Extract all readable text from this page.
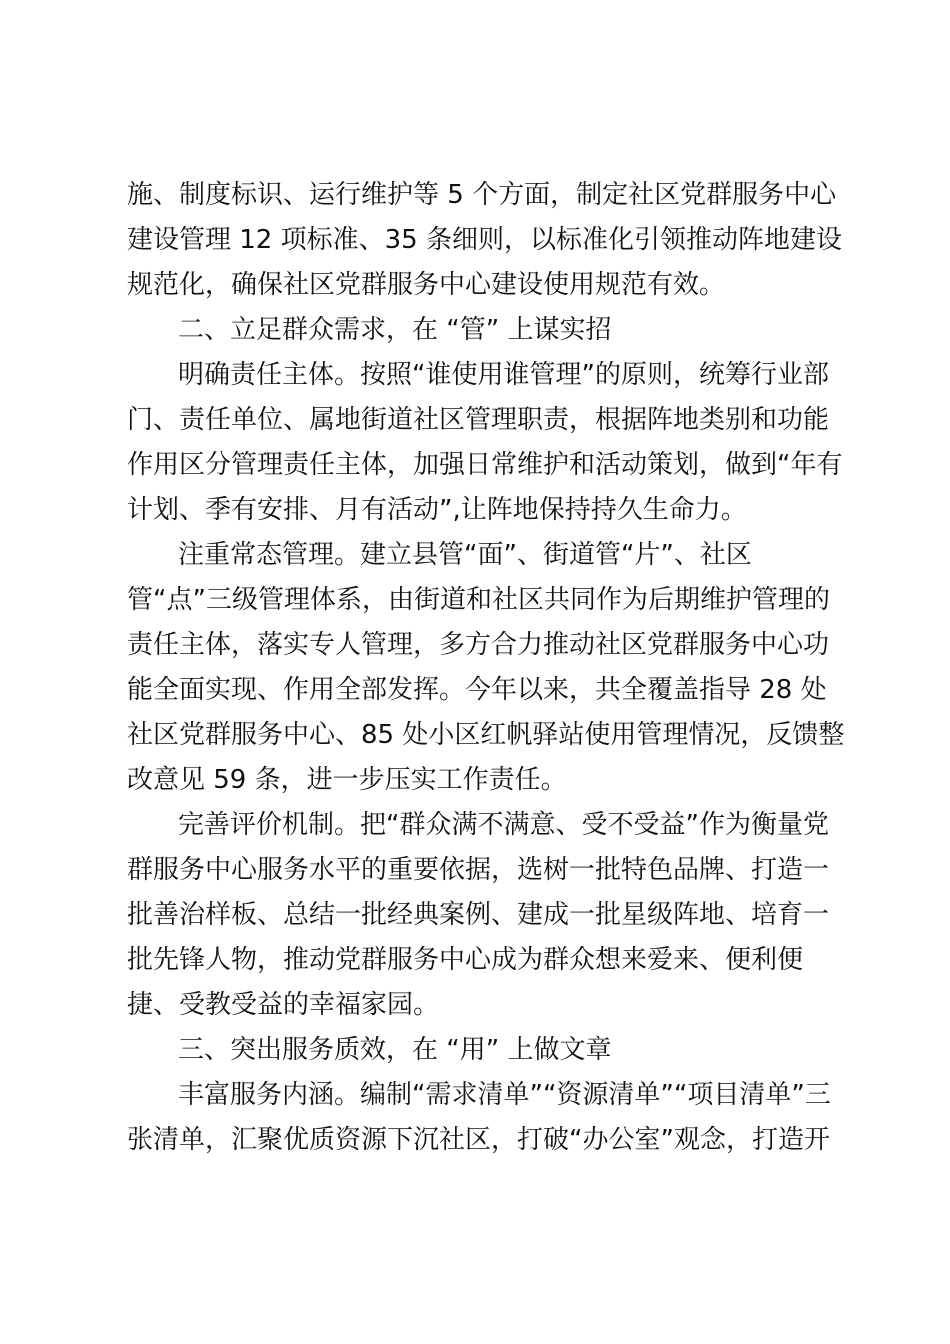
施、制度标识、运行维护等 5 个方面，制定社区党群服务中心
建设管理 12 项标准、35 条细则，以标准化引领推动阵地建设
规范化，确保社区党群服务中心建设使用规范有效。
二、立足群众需求，在 “管” 上谋实招
明确责任主体。按照“谁使用谁管理”的原则，统筹行业部
门、责任单位、属地街道社区管理职责，根据阵地类别和功能
作用区分管理责任主体，加强日常维护和活动策划，做到“年有
计划、季有安排、月有活动”,让阵地保持持久生命力。
注重常态管理。建立县管“面”、街道管“片”、社区
管“点”三级管理体系，由街道和社区共同作为后期维护管理的
责任主体，落实专人管理，多方合力推动社区党群服务中心功
能全面实现、作用全部发挥。今年以来，共全覆盖指导 28 处
社区党群服务中心、85 处小区红帆驿站使用管理情况，反馈整
改意见 59 条，进一步压实工作责任。
完善评价机制。把“群众满不满意、受不受益”作为衡量党
群服务中心服务水平的重要依据，选树一批特色品牌、打造一
批善治样板、总结一批经典案例、建成一批星级阵地、培育一
批先锋人物，推动党群服务中心成为群众想来爱来、便利便
捷、受教受益的幸福家园。
三、突出服务质效，在 “用” 上做文章
丰富服务内涵。编制“需求清单”“资源清单”“项目清单”三
张清单，汇聚优质资源下沉社区，打破“办公室”观念，打造开
